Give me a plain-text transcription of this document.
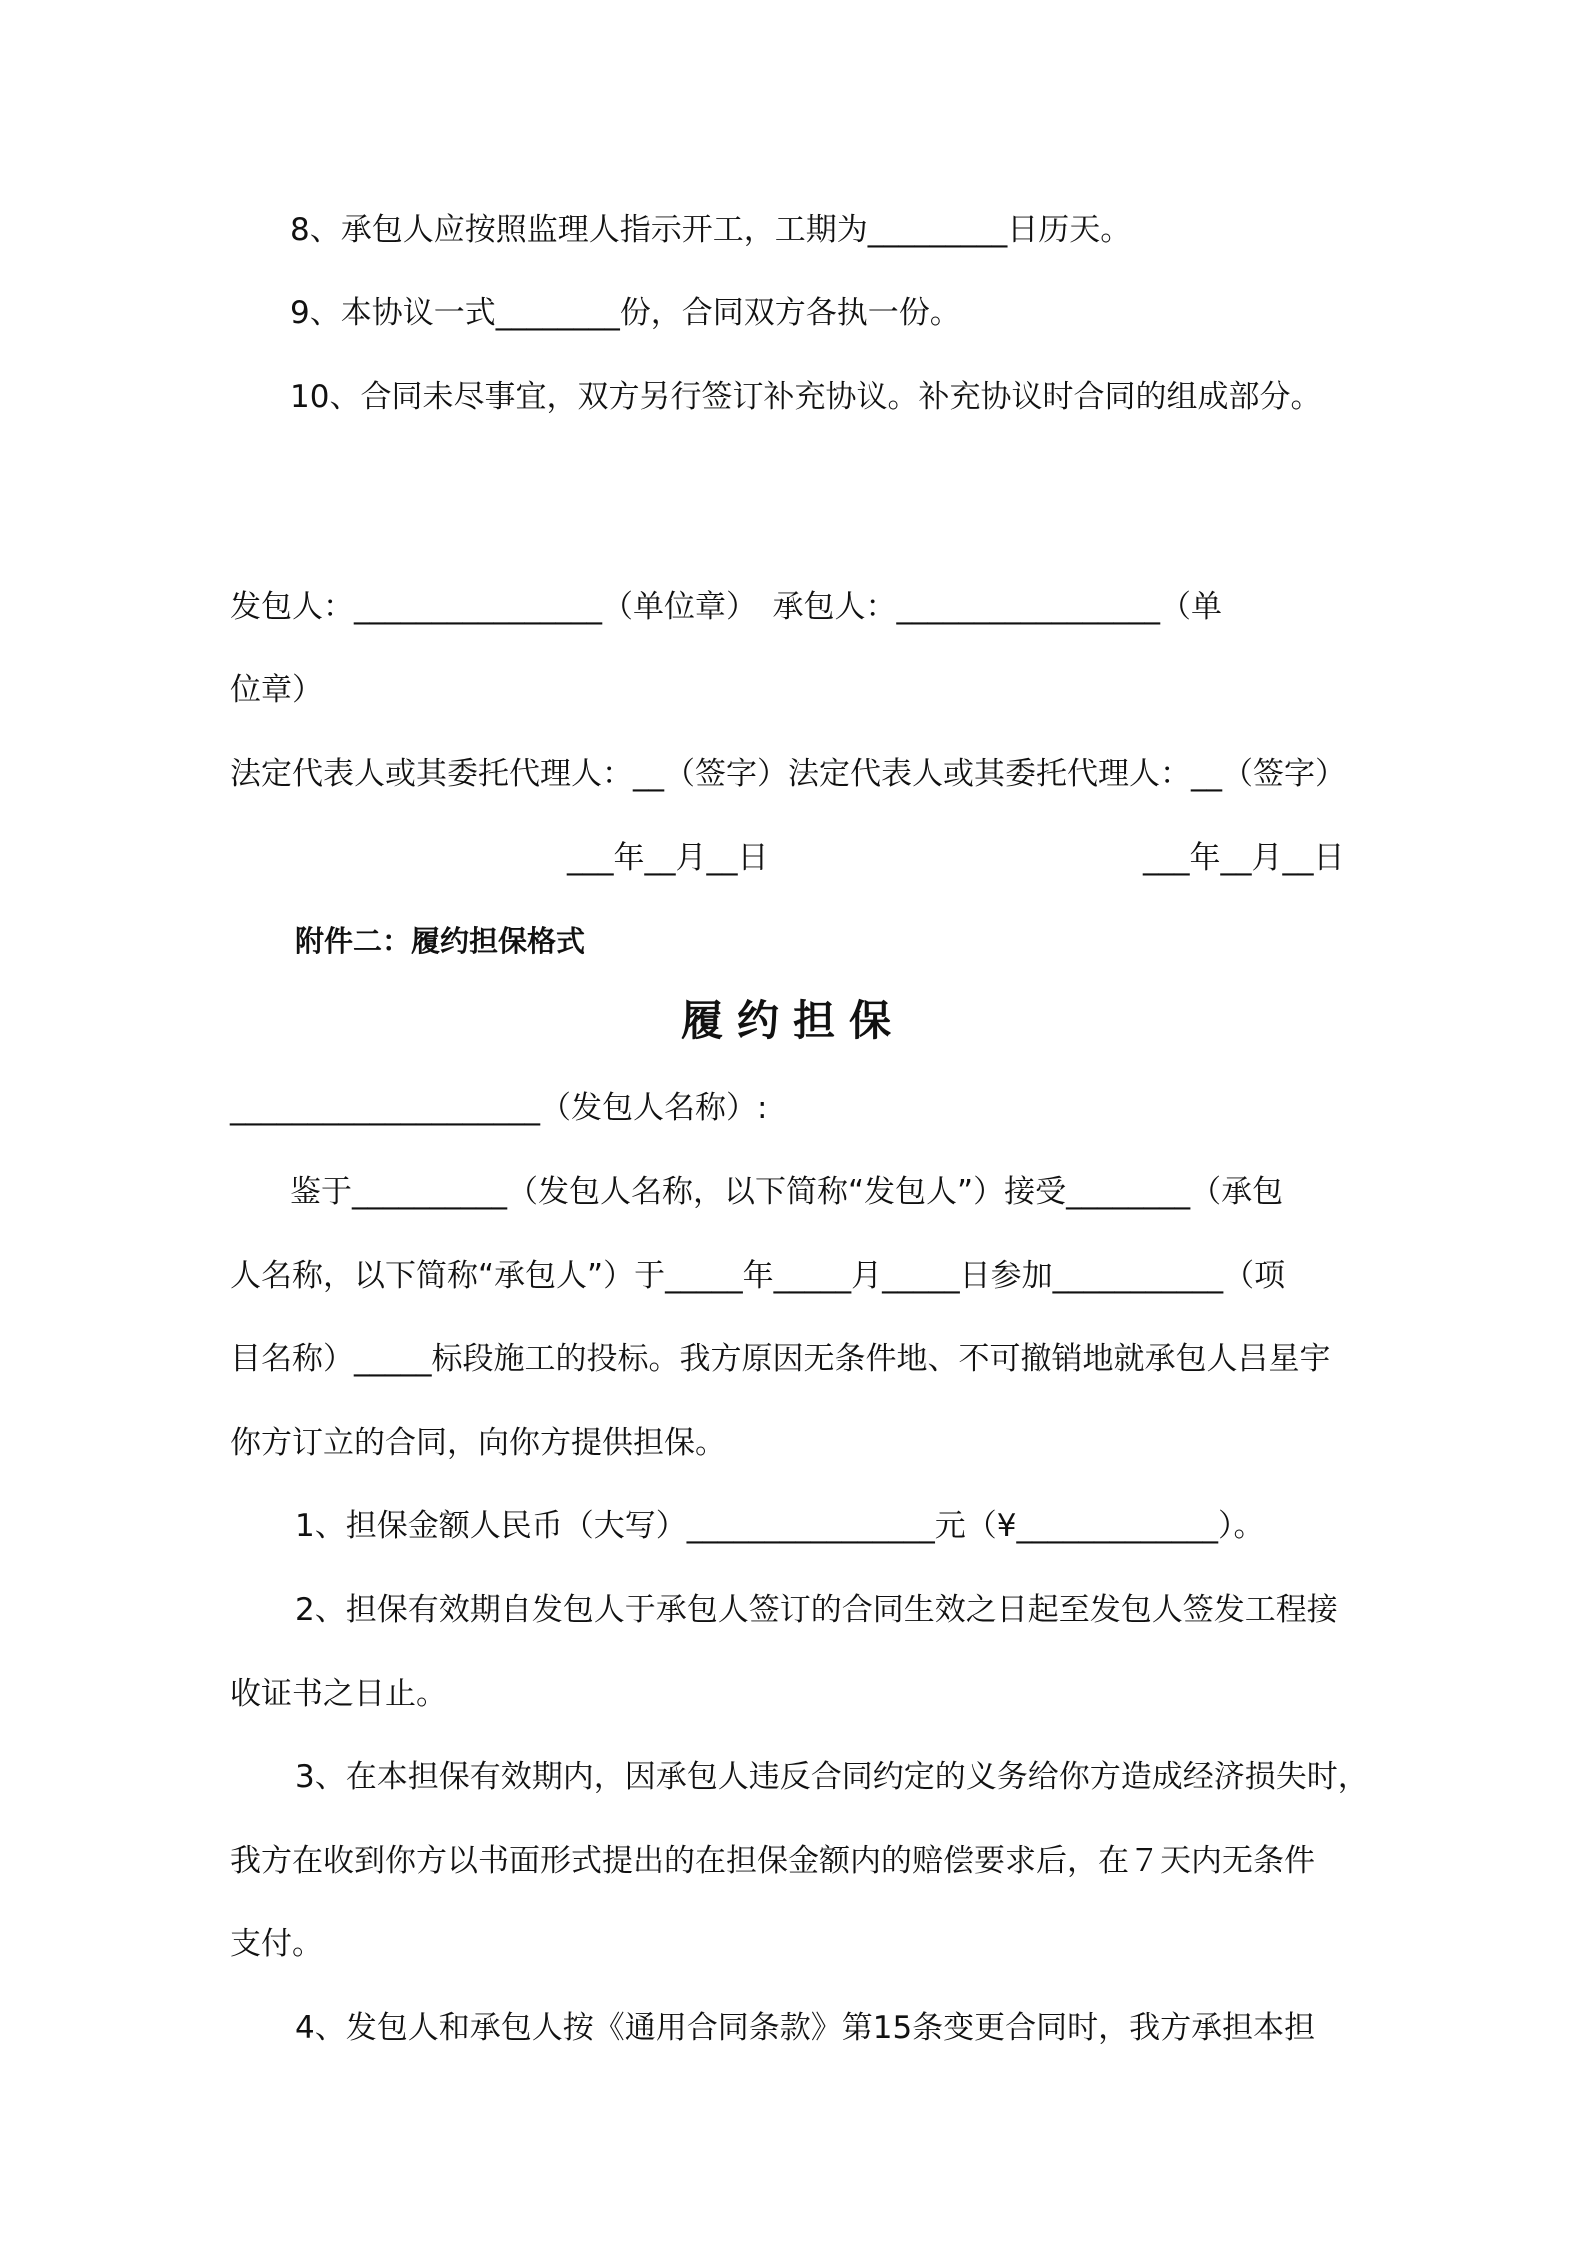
8、承包人应按照监理人指示开工，工期为_________日历天。
9、本协议一式________份，合同双方各执一份。
10、合同未尽事宜，双方另行签订补充协议。补充协议时合同的组成部分。
发包人：________________（单位章）　承包人：_________________（单
位章）
法定代表人或其委托代理人：__（签字）法定代表人或其委托代理人：__（签字）
___年__月__日	___年__月__日
附件二：履约担保格式
履约担保
____________________（发包人名称）:
鉴于__________（发包人名称，以下简称“发包人”）接受________（承包
人名称，以下简称“承包人”）于_____年_____月_____日参加___________（项
目名称）_____标段施工的投标。我方原因无条件地、不可撤销地就承包人吕星宇
你方订立的合同，向你方提供担保。
1、担保金额人民币（大写）________________元（¥_____________）。
2、担保有效期自发包人于承包人签订的合同生效之日起至发包人签发工程接
收证书之日止。
3、在本担保有效期内，因承包人违反合同约定的义务给你方造成经济损失时，
我方在收到你方以书面形式提出的在担保金额内的赔偿要求后，在７天内无条件
支付。
4、发包人和承包人按《通用合同条款》第15条变更合同时，我方承担本担
